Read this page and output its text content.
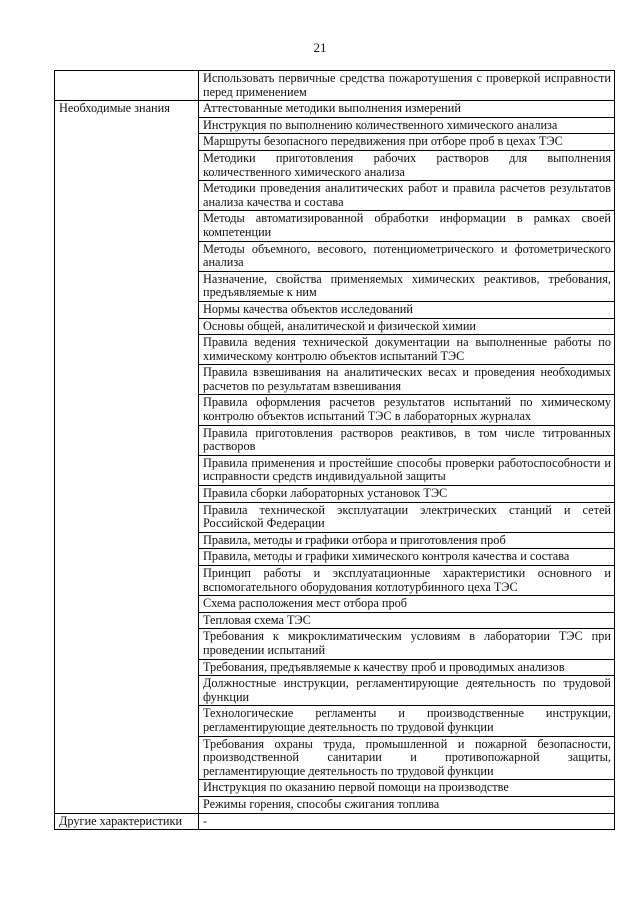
21
	Использовать первичные средства пожаротушения с проверкой исправности перед применением
Необходимые знания	Аттестованные методики выполнения измерений
	Инструкция по выполнению количественного химического анализа
	Маршруты безопасного передвижения при отборе проб в цехах ТЭС
	Методики приготовления рабочих растворов для выполнения количественного химического анализа
	Методики проведения аналитических работ и правила расчетов результатов анализа качества и состава
	Методы автоматизированной обработки информации в рамках своей компетенции
	Методы объемного, весового, потенциометрического и фотометрического анализа
	Назначение, свойства применяемых химических реактивов, требования, предъявляемые к ним
	Нормы качества объектов исследований
	Основы общей, аналитической и физической химии
	Правила ведения технической документации на выполненные работы по химическому контролю объектов испытаний ТЭС
	Правила взвешивания на аналитических весах и проведения необходимых расчетов по результатам взвешивания
	Правила оформления расчетов результатов испытаний по химическому контролю объектов испытаний ТЭС в лабораторных журналах
	Правила приготовления растворов реактивов, в том числе титрованных растворов
	Правила применения и простейшие способы проверки работоспособности и исправности средств индивидуальной защиты
	Правила сборки лабораторных установок ТЭС
	Правила технической эксплуатации электрических станций и сетей Российской Федерации
	Правила, методы и графики отбора и приготовления проб
	Правила, методы и графики химического контроля качества и состава
	Принцип работы и эксплуатационные характеристики основного и вспомогательного оборудования котлотурбинного цеха ТЭС
	Схема расположения мест отбора проб
	Тепловая схема ТЭС
	Требования к микроклиматическим условиям в лаборатории ТЭС при проведении испытаний
	Требования, предъявляемые к качеству проб и проводимых анализов
	Должностные инструкции, регламентирующие деятельность по трудовой функции
	Технологические регламенты и производственные инструкции, регламентирующие деятельность по трудовой функции
	Требования охраны труда, промышленной и пожарной безопасности, производственной санитарии и противопожарной защиты, регламентирующие деятельность по трудовой функции
	Инструкция по оказанию первой помощи на производстве
	Режимы горения, способы сжигания топлива
Другие характеристики	-
